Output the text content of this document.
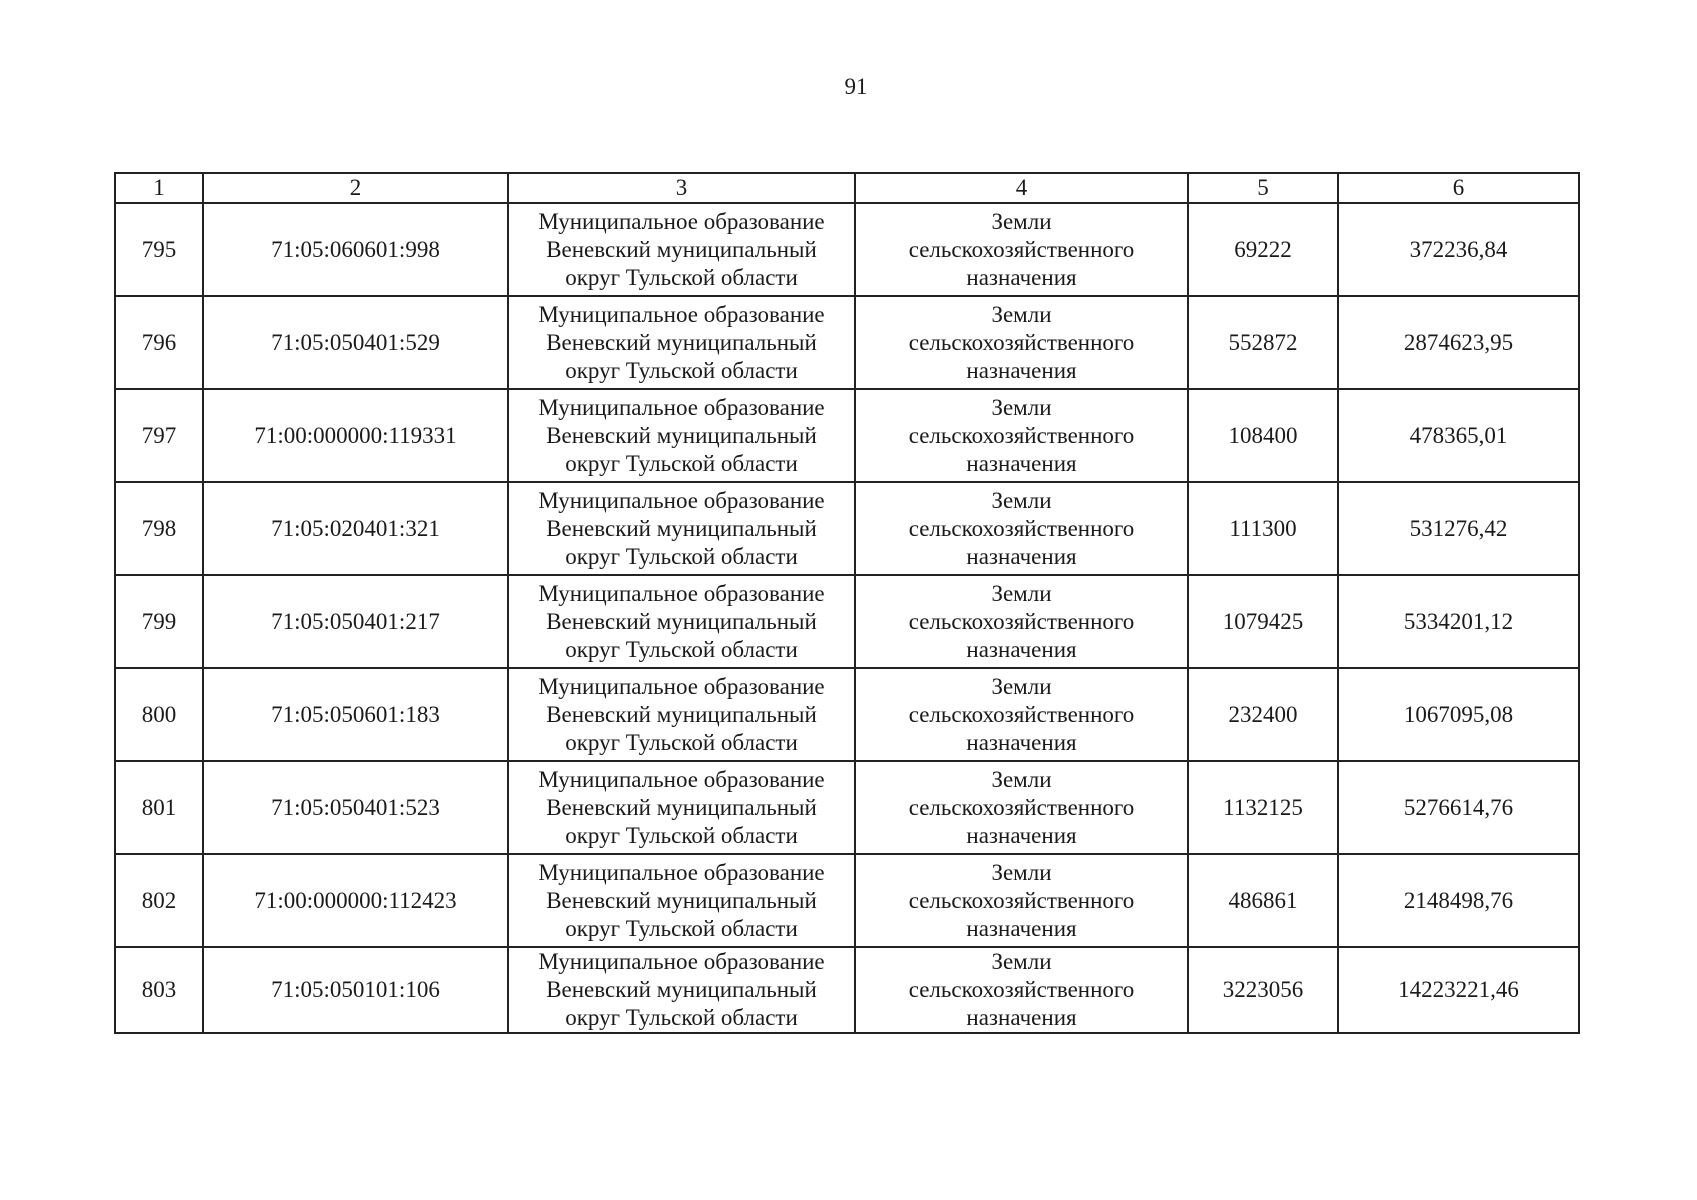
91
1	2	3	4	5	6
795	71:05:060601:998	Муниципальное образование
Веневский муниципальный
округ Тульской области	Земли
сельскохозяйственного
назначения	69222	372236,84
796	71:05:050401:529	Муниципальное образование
Веневский муниципальный
округ Тульской области	Земли
сельскохозяйственного
назначения	552872	2874623,95
797	71:00:000000:119331	Муниципальное образование
Веневский муниципальный
округ Тульской области	Земли
сельскохозяйственного
назначения	108400	478365,01
798	71:05:020401:321	Муниципальное образование
Веневский муниципальный
округ Тульской области	Земли
сельскохозяйственного
назначения	111300	531276,42
799	71:05:050401:217	Муниципальное образование
Веневский муниципальный
округ Тульской области	Земли
сельскохозяйственного
назначения	1079425	5334201,12
800	71:05:050601:183	Муниципальное образование
Веневский муниципальный
округ Тульской области	Земли
сельскохозяйственного
назначения	232400	1067095,08
801	71:05:050401:523	Муниципальное образование
Веневский муниципальный
округ Тульской области	Земли
сельскохозяйственного
назначения	1132125	5276614,76
802	71:00:000000:112423	Муниципальное образование
Веневский муниципальный
округ Тульской области	Земли
сельскохозяйственного
назначения	486861	2148498,76
803	71:05:050101:106	Муниципальное образование
Веневский муниципальный
округ Тульской области	Земли
сельскохозяйственного
назначения	3223056	14223221,46
